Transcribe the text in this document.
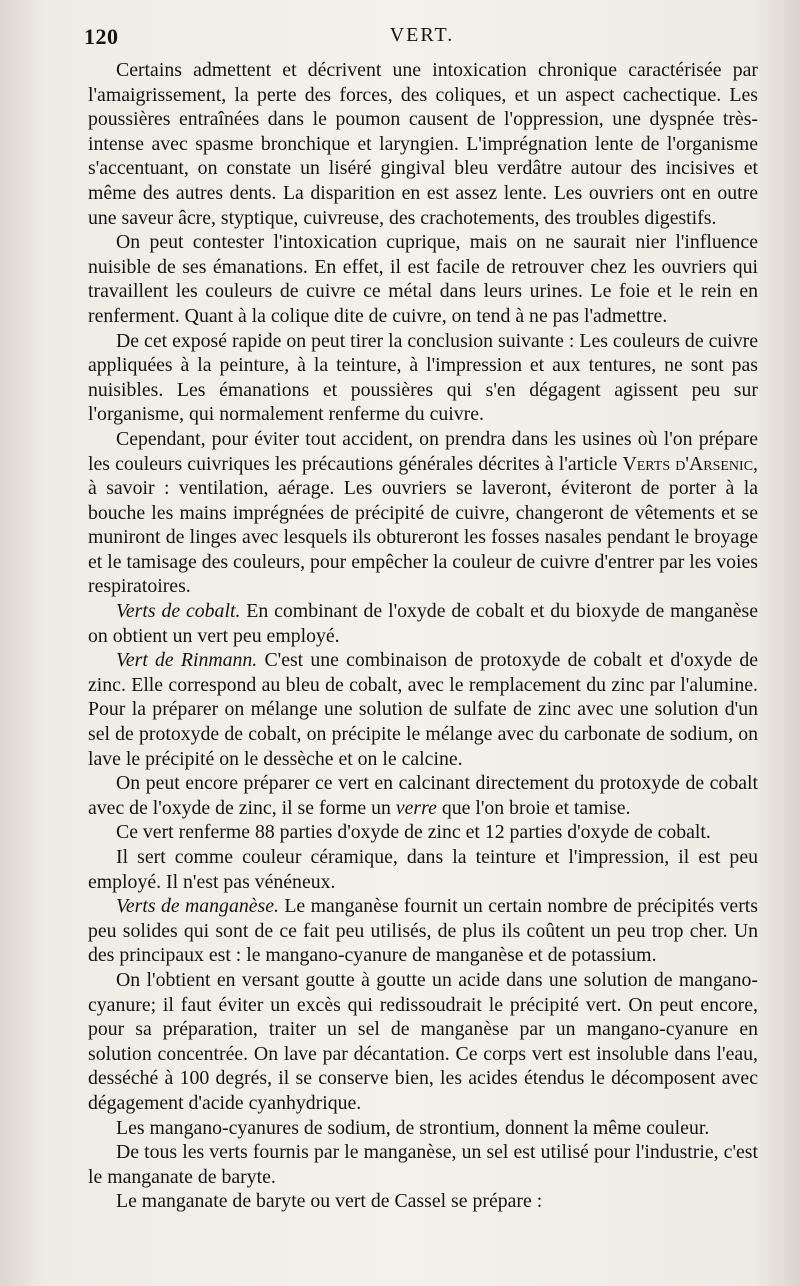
120	VERT.

Certains admettent et décrivent une intoxication chronique caractérisée par l'amaigrissement, la perte des forces, des coliques, et un aspect cachectique. Les poussières entraînées dans le poumon causent de l'oppression, une dyspnée très-intense avec spasme bronchique et laryngien. L'imprégnation lente de l'organisme s'accentuant, on constate un liséré gingival bleu verdâtre autour des incisives et même des autres dents. La disparition en est assez lente. Les ouvriers ont en outre une saveur âcre, styptique, cuivreuse, des crachotements, des troubles digestifs.

On peut contester l'intoxication cuprique, mais on ne saurait nier l'influence nuisible de ses émanations. En effet, il est facile de retrouver chez les ouvriers qui travaillent les couleurs de cuivre ce métal dans leurs urines. Le foie et le rein en renferment. Quant à la colique dite de cuivre, on tend à ne pas l'admettre.

De cet exposé rapide on peut tirer la conclusion suivante : Les couleurs de cuivre appliquées à la peinture, à la teinture, à l'impression et aux tentures, ne sont pas nuisibles. Les émanations et poussières qui s'en dégagent agissent peu sur l'organisme, qui normalement renferme du cuivre.

Cependant, pour éviter tout accident, on prendra dans les usines où l'on prépare les couleurs cuivriques les précautions générales décrites à l'article Verts d'Arsenic, à savoir : ventilation, aérage. Les ouvriers se laveront, éviteront de porter à la bouche les mains imprégnées de précipité de cuivre, changeront de vêtements et se muniront de linges avec lesquels ils obtureront les fosses nasales pendant le broyage et le tamisage des couleurs, pour empêcher la couleur de cuivre d'entrer par les voies respiratoires.

Verts de cobalt. En combinant de l'oxyde de cobalt et du bioxyde de manganèse on obtient un vert peu employé.

Vert de Rinmann. C'est une combinaison de protoxyde de cobalt et d'oxyde de zinc. Elle correspond au bleu de cobalt, avec le remplacement du zinc par l'alumine. Pour la préparer on mélange une solution de sulfate de zinc avec une solution d'un sel de protoxyde de cobalt, on précipite le mélange avec du carbonate de sodium, on lave le précipité on le dessèche et on le calcine.

On peut encore préparer ce vert en calcinant directement du protoxyde de cobalt avec de l'oxyde de zinc, il se forme un verre que l'on broie et tamise.

Ce vert renferme 88 parties d'oxyde de zinc et 12 parties d'oxyde de cobalt.

Il sert comme couleur céramique, dans la teinture et l'impression, il est peu employé. Il n'est pas vénéneux.

Verts de manganèse. Le manganèse fournit un certain nombre de précipités verts peu solides qui sont de ce fait peu utilisés, de plus ils coûtent un peu trop cher. Un des principaux est : le mangano-cyanure de manganèse et de potassium.

On l'obtient en versant goutte à goutte un acide dans une solution de mangano-cyanure; il faut éviter un excès qui redissoudrait le précipité vert. On peut encore, pour sa préparation, traiter un sel de manganèse par un mangano-cyanure en solution concentrée. On lave par décantation. Ce corps vert est insoluble dans l'eau, desséché à 100 degrés, il se conserve bien, les acides étendus le décomposent avec dégagement d'acide cyanhydrique.

Les mangano-cyanures de sodium, de strontium, donnent la même couleur.

De tous les verts fournis par le manganèse, un sel est utilisé pour l'industrie, c'est le manganate de baryte.

Le manganate de baryte ou vert de Cassel se prépare :
